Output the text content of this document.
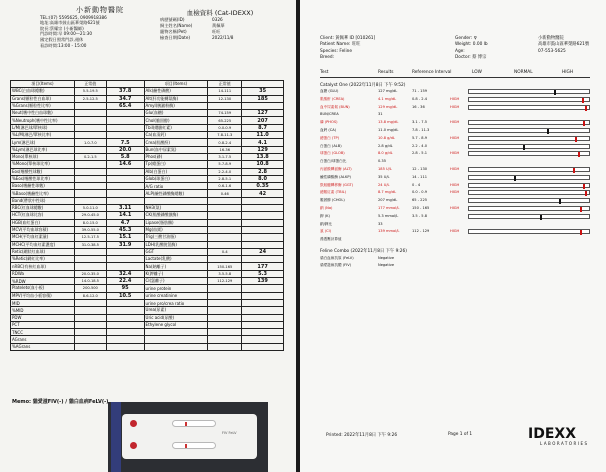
小新動物醫院
TEL:(07) 5595625, 0909918386
地址:高雄市鼓山區華榮路621號
院長:蔡耀宗 (小新醫師)
門診時間:早 09:00—21:30
國定假日照常門診,週休
看診時間:13:00 - 15:00
血檢資料 (Cat-IDEXX)
病歷號碼(ID)	0326
飼主姓名(Name)	黃佩華
寵物名稱(Pet)	旺旺
檢查日期(Date)	2022/11/8
項目(Items)	正常值		項目(Items)	正常值	
WBC(白血球總數)	5.5-19.5	37.8	Alk(鹼性磷酸)	14-111	35
Grans(顆粒性白血球)	2.5-12.5	34.7	Alt(肝功能轉氨酶)	12-130	185
%Grans(顆粒性比率)		65.4	Amyl(胰澱粉酶)		
Neut(嗜中性白血球數)			Glu(血糖)	74-159	127
%Neutroph(嗜中性比率)			Chol(膽固醇)	65-225	207
L/M(淋巴球/單核球)			Tbil(總膽紅素)	0.0-0.9	8.7
%L/M(淋巴/單核比率)			Ca(血清鈣)	7.8-11.3	11.0
Lym(淋巴球)	1.0-7.0	7.5	Crea(肌酸酐)	0.8-2.4	4.1
%Lym(淋巴球比率)		20.0	Bun(血中尿素氮)	16-36	129
Mono(單核球)	0.2-1.5	5.8	Phos(磷)	3.1-7.5	13.8
%Mono(單核球比率)		14.6	Tp(總蛋白)	5.7-8.9	10.8
Eos(嗜酸性球數)			Alb(白蛋白)	2.2-4.0	2.8
%Eos(嗜酸性球比率)			Glob(球蛋白)	2.8-5.1	8.0
Baso(嗜鹼性球數)			A/G ratio	0.6-1.6	0.35
%Baso(嗜鹼性比率)			ALP(鹼性磷酸酶總數)	0-46	42
Band(帶狀中性球)					
RBC(紅血球總數)	5.0-11.0	3.11	NH3(氨)		
HCT(紅血球比容)	29.0-45.0	14.1	CK(肌酸磷酸激酶)		
HGB(血紅蛋白)	8.0-15.0	4.7	Lipase(脂肪酶)		
MCV(平均血球容積)	39.0-55.0	45.3	Mg(血鎂)		
MCH(平均血紅素量)	12.5-17.5	15.1	Trig(三酸甘油脂)		
MCHC(平均血紅素濃度)	31.0-38.5	31.9	LDH(乳酸脫氫酶)		
Retic(網狀紅血球)			GGT	0-4	24
%Retic(網紅比率)			Lactate(乳酸)		
nRBC(有核紅血球)			Na(鈉離子)	150-165	177
RDWa	20.0-35.0	32.4	K(鉀離子)	3.5-5.8	5.3
%RDW	14.0-18.5	22.4	Cl(氯離子)	112-129	139
Platelets(血小板)	200-500	95	urine protein		
MPV(平均血小板容積)	8.6-12.0	10.5	urine creatinine		
MID			urine pro/crea ratio		
%MID			Urea(尿素)		
PDW			Uric acid(尿酸)		
PCT			Ethylene glycol		
TNCC					
AGrans					
%AGrans					
Memo: 貓愛滋FIV(-) / 貓白血病FeLV(-)
FIV FeLV
Client: 黃佩華 ID [010261]
Patient Name: 旺旺
Species: Feline
Breed:
Gender: ♀
Weight: 0.00 lb
Age:
Doctor: 蔡 博宗
小新動物醫院
高雄市鼓山區華榮路621號
07-553-5625
Test	Results	Reference Interval	LOW	NORMAL	HIGH
Catalyst One (2022年11月8日 下午 9:52)
血糖 (GLU)	127 mg/dL	71 - 159
肌酸酐 (CREA)	4.1 mg/dL	0.8 - 2.4	HIGH
血中尿素氮 (BUN)	129 mg/dL	16 - 36	HIGH
BUN/CREA	31
磷 (PHOS)	13.8 mg/dL	3.1 - 7.5	HIGH
血鈣 (CA)	11.0 mg/dL	7.8 - 11.3
總蛋白 (TP)	10.8 g/dL	5.7 - 8.9	HIGH
白蛋白 (ALB)	2.8 g/dL	2.2 - 4.0
球蛋白 (GLOB)	8.0 g/dL	2.8 - 5.1	HIGH
白蛋白/球蛋白比	0.35
丙氨酸轉氨酶 (ALT)	185 U/L	12 - 130	HIGH
鹼性磷酸酶 (ALKP)	35 U/L	14 - 111
麩胺醯轉移酶 (GGT)	24 U/L	0 - 4	HIGH
總膽紅素 (TBIL)	8.7 mg/dL	0.0 - 0.9	HIGH
膽固醇 (CHOL)	207 mg/dL	65 - 225
鈉 (Na)	177 mmol/L	150 - 165	HIGH
鉀 (K)	5.3 mmol/L	3.5 - 5.8
鈉/鉀比	33
氯 (Cl)	139 mmol/L	112 - 129	HIGH
滲透壓計算值
Feline Combo (2022年11月8日 下午 9:26)
貓白血病抗原 (FeLV)	Negative
貓愛滋病抗體 (FIV)	Negative
Printed: 2022年11月8日 下午 9:26	Page 1 of 1	IDEXX
LABORATORIES
